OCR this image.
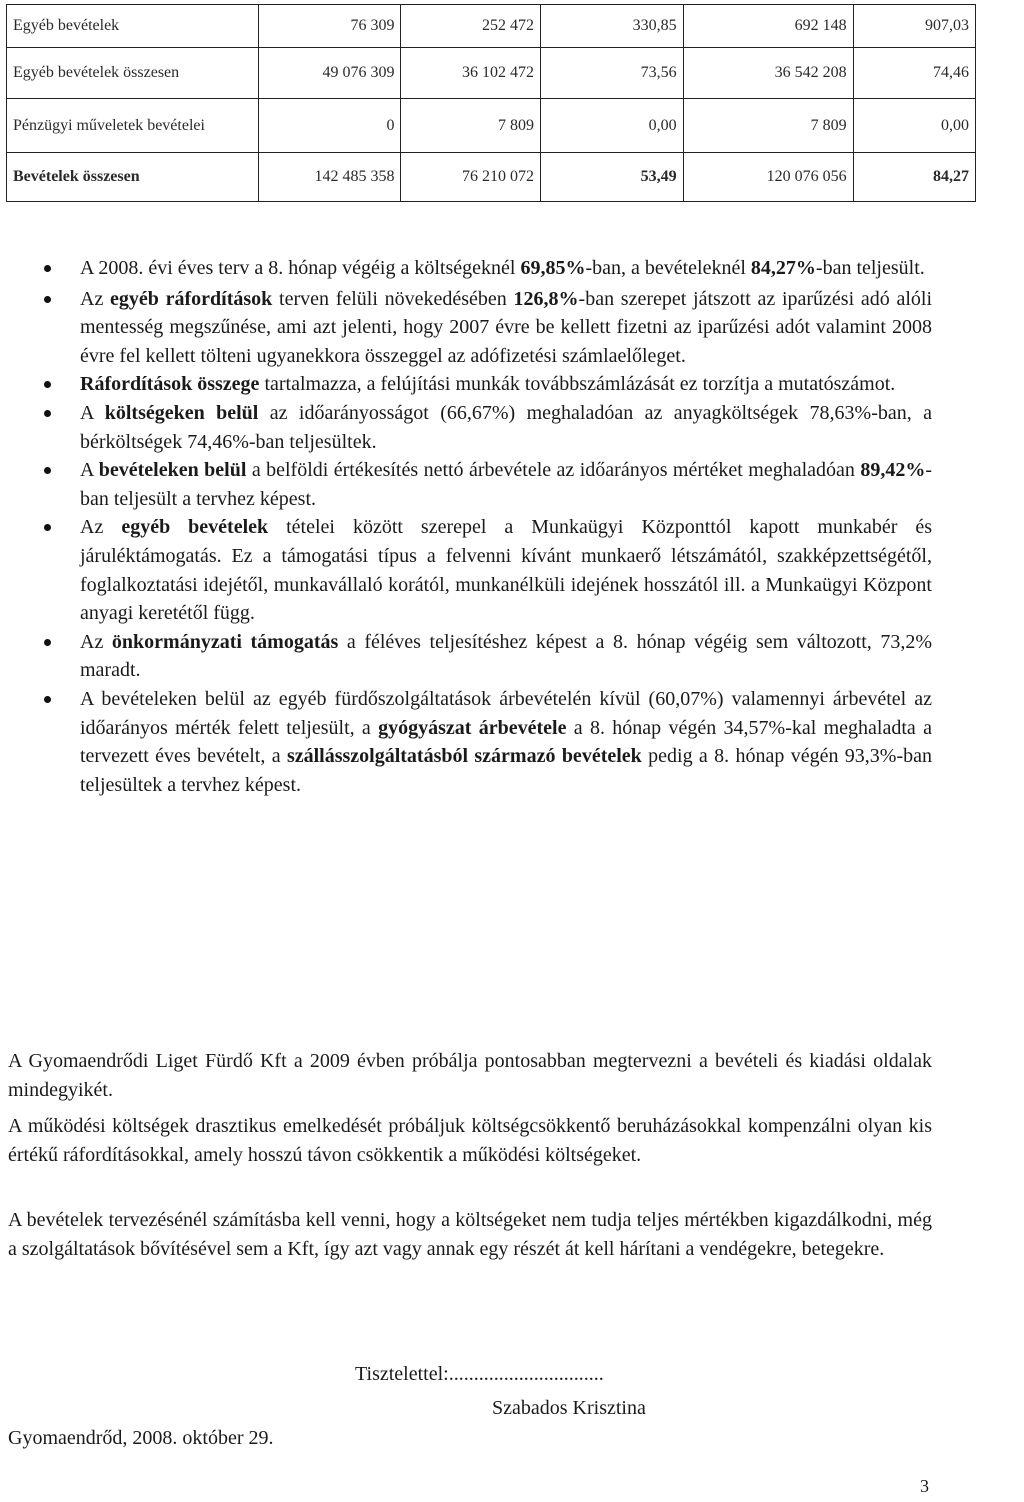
Egyéb bevételek	76 309	252 472	330,85	692 148	907,03
Egyéb bevételek összesen	49 076 309	36 102 472	73,56	36 542 208	74,46
Pénzügyi műveletek bevételei	0	7 809	0,00	7 809	0,00
Bevételek összesen	142 485 358	76 210 072	53,49	120 076 056	84,27
A 2008. évi éves terv a 8. hónap végéig a költségeknél 69,85%-ban, a bevételeknél 84,27%-ban teljesült.
Az egyéb ráfordítások terven felüli növekedésében 126,8%-ban szerepet játszott az iparűzési adó alóli mentesség megszűnése, ami azt jelenti, hogy 2007 évre be kellett fizetni az iparűzési adót valamint 2008 évre fel kellett tölteni ugyanekkora összeggel az adófizetési számlaelőleget.
Ráfordítások összege tartalmazza, a felújítási munkák továbbszámlázását ez torzítja a mutatószámot.
A költségeken belül az időarányosságot (66,67%) meghaladóan az anyagköltségek 78,63%-ban, a bérköltségek 74,46%-ban teljesültek.
A bevételeken belül a belföldi értékesítés nettó árbevétele az időarányos mértéket meghaladóan 89,42%-ban teljesült a tervhez képest.
Az egyéb bevételek tételei között szerepel a Munkaügyi Központtól kapott munkabér és járuléktámogatás. Ez a támogatási típus a felvenni kívánt munkaerő létszámától, szakképzettségétől, foglalkoztatási idejétől, munkavállaló korától, munkanélküli idejének hosszától ill. a Munkaügyi Központ anyagi keretétől függ.
Az önkormányzati támogatás a féléves teljesítéshez képest a 8. hónap végéig sem változott, 73,2% maradt.
A bevételeken belül az egyéb fürdőszolgáltatások árbevételén kívül (60,07%) valamennyi árbevétel az időarányos mérték felett teljesült, a gyógyászat árbevétele a 8. hónap végén 34,57%-kal meghaladta a tervezett éves bevételt, a szállásszolgáltatásból származó bevételek pedig a 8. hónap végén 93,3%-ban teljesültek a tervhez képest.

A Gyomaendrődi Liget Fürdő Kft a 2009 évben próbálja pontosabban megtervezni a bevételi és kiadási oldalak mindegyikét.

A működési költségek drasztikus emelkedését próbáljuk költségcsökkentő beruházásokkal kompenzálni olyan kis értékű ráfordításokkal, amely hosszú távon csökkentik a működési költségeket.

A bevételek tervezésénél számításba kell venni, hogy a költségeket nem tudja teljes mértékben kigazdálkodni, még a szolgáltatások bővítésével sem a Kft, így azt vagy annak egy részét át kell hárítani a vendégekre, betegekre.

Tisztelettel:...............................
Szabados Krisztina
Gyomaendrőd, 2008. október 29.
3
